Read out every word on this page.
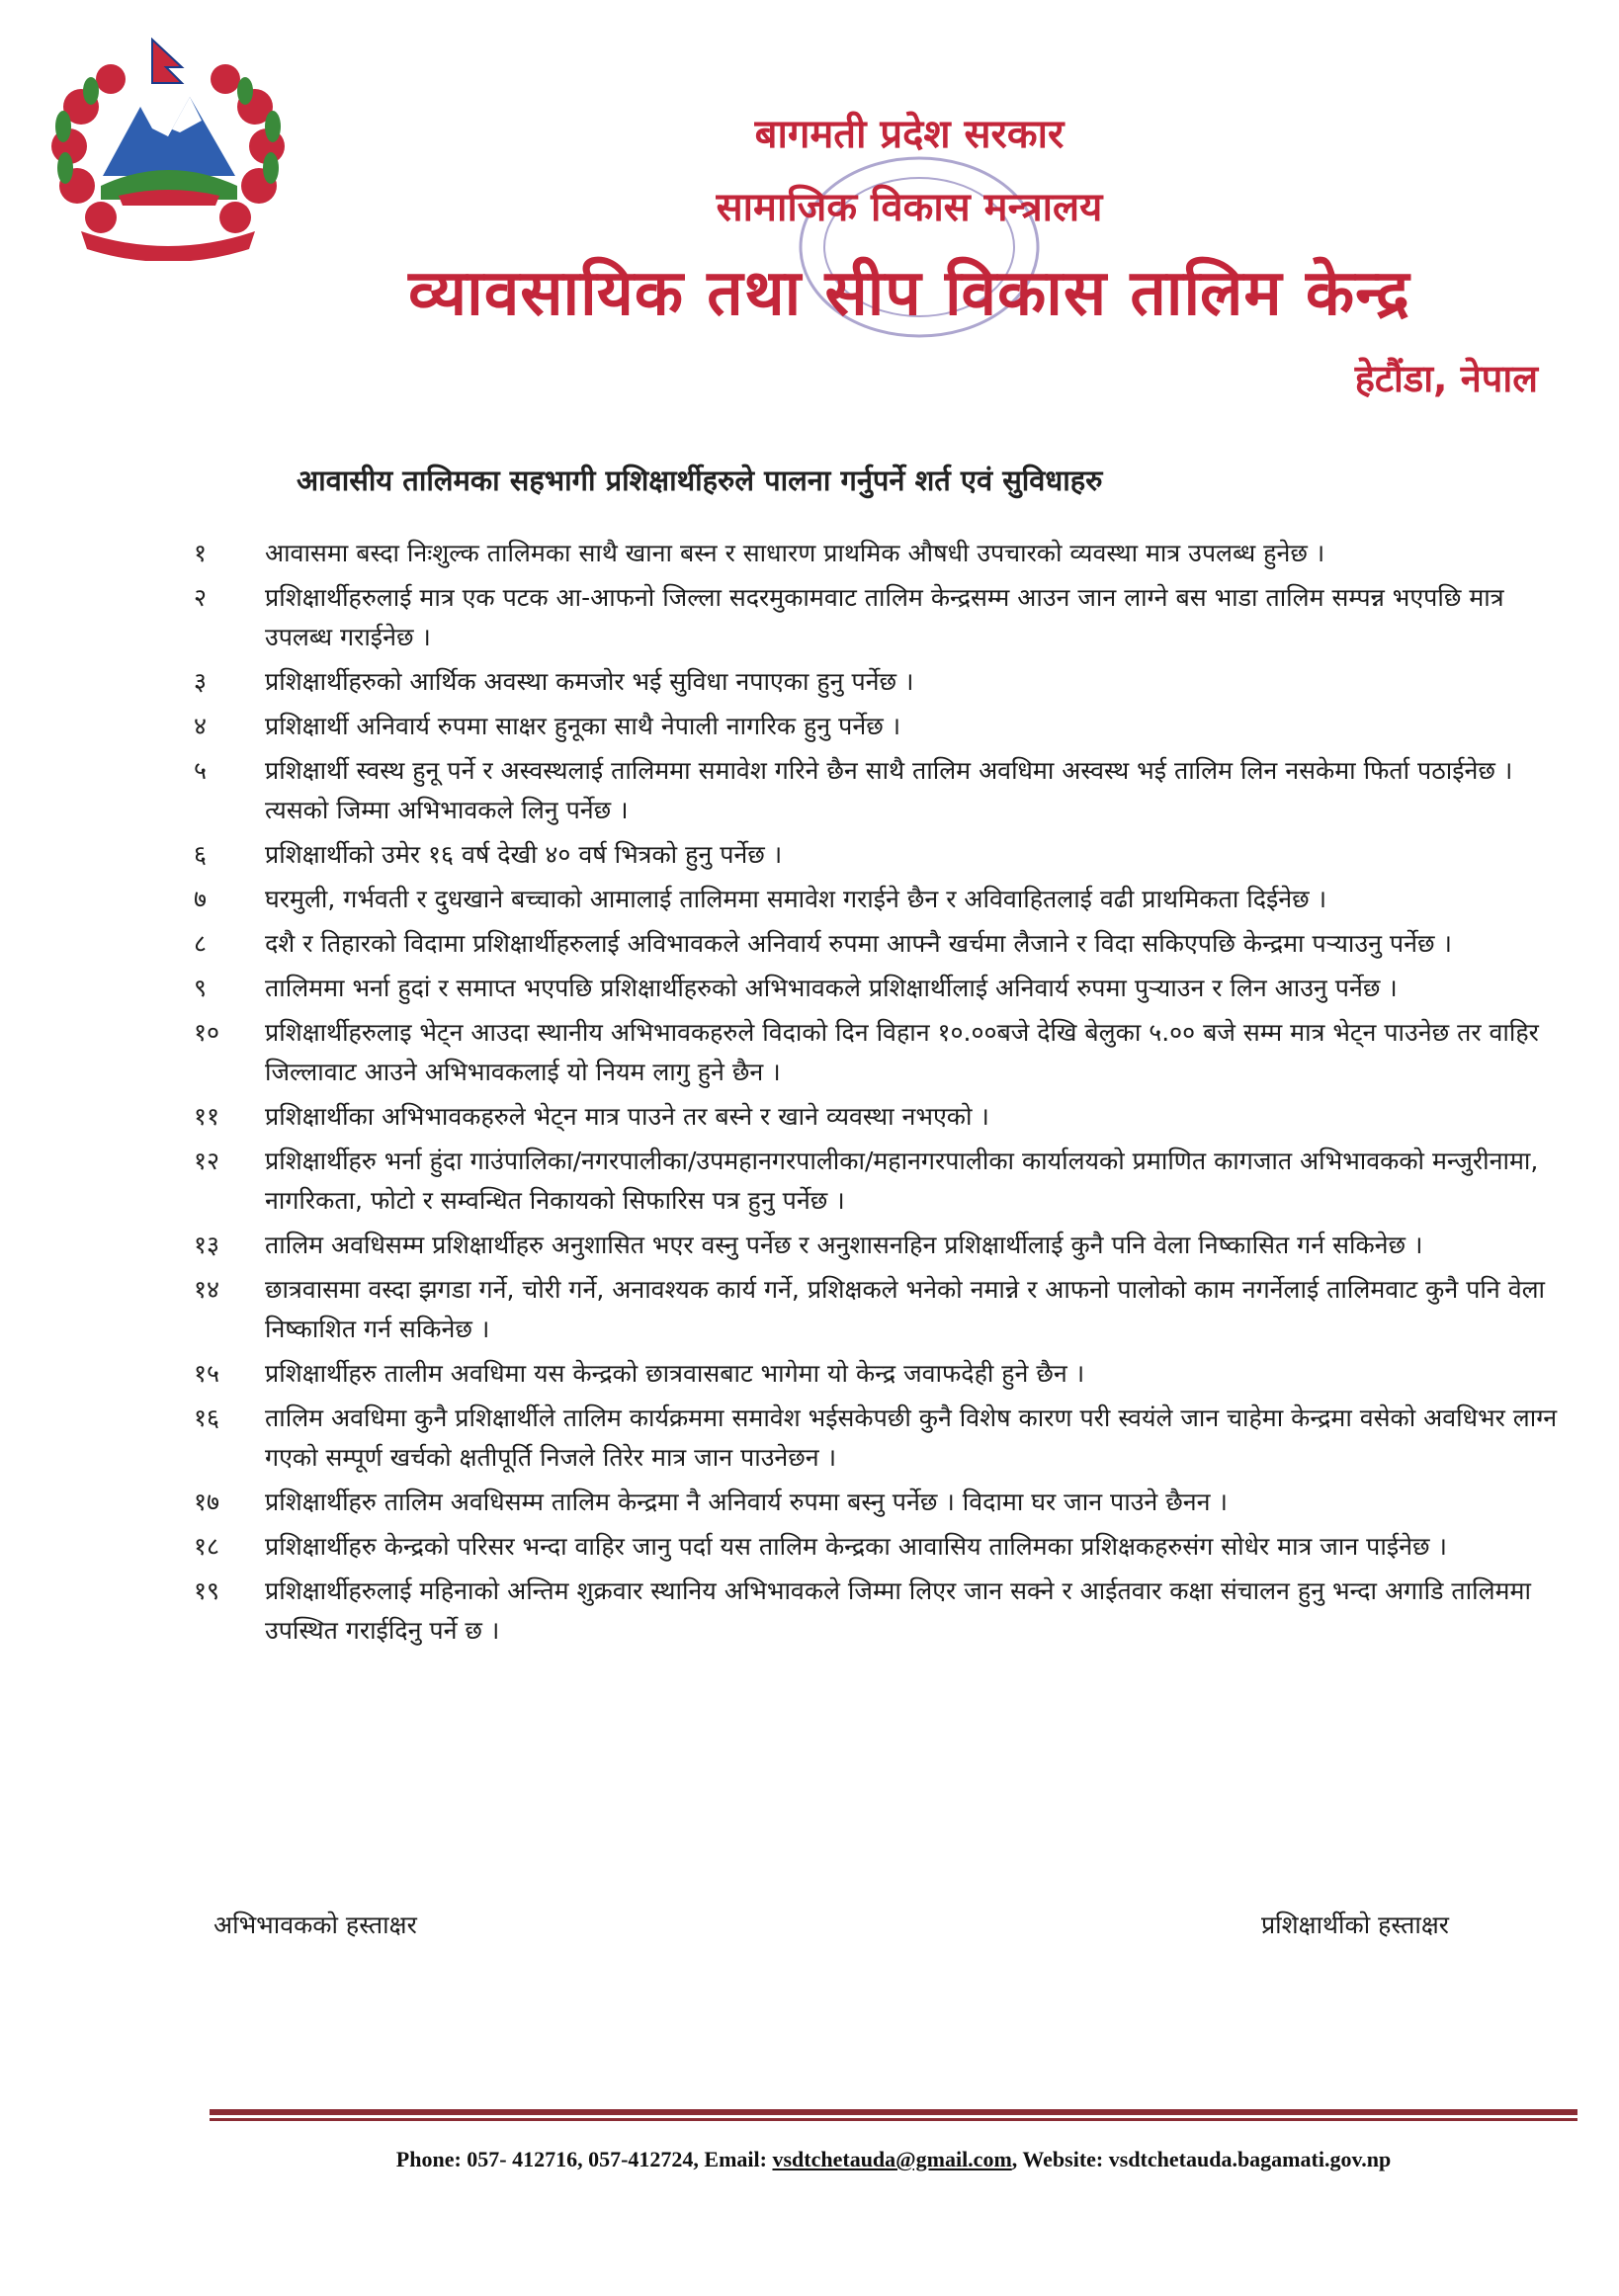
बागमती प्रदेश सरकार
सामाजिक विकास मन्त्रालय
व्यावसायिक तथा सीप विकास तालिम केन्द्र
हेटौंडा, नेपाल
आवासीय तालिमका सहभागी प्रशिक्षार्थीहरुले पालना गर्नुपर्ने शर्त एवं सुविधाहरु
१	आवासमा बस्दा निःशुल्क तालिमका साथै खाना बस्न र साधारण प्राथमिक औषधी उपचारको व्यवस्था मात्र उपलब्ध हुनेछ ।
२	प्रशिक्षार्थीहरुलाई मात्र एक पटक आ-आफनो जिल्ला सदरमुकामवाट तालिम केन्द्रसम्म आउन जान लाग्ने बस भाडा तालिम सम्पन्न भएपछि मात्र उपलब्ध गराईनेछ ।
३	प्रशिक्षार्थीहरुको आर्थिक अवस्था कमजोर भई सुविधा नपाएका हुनु पर्नेछ ।
४	प्रशिक्षार्थी अनिवार्य रुपमा साक्षर हुनूका साथै नेपाली नागरिक हुनु पर्नेछ ।
५	प्रशिक्षार्थी स्वस्थ हुनू पर्ने र अस्वस्थलाई तालिममा समावेश गरिने छैन साथै तालिम अवधिमा अस्वस्थ भई तालिम लिन नसकेमा फिर्ता पठाईनेछ । त्यसको जिम्मा अभिभावकले लिनु पर्नेछ ।
६	प्रशिक्षार्थीको उमेर १६ वर्ष देखी ४० वर्ष भित्रको हुनु पर्नेछ ।
७	घरमुली, गर्भवती र दुधखाने बच्चाको आमालाई तालिममा समावेश गराईने छैन र अविवाहितलाई वढी प्राथमिकता दिईनेछ ।
८	दशै र तिहारको विदामा प्रशिक्षार्थीहरुलाई अविभावकले अनिवार्य रुपमा आफ्नै खर्चमा लैजाने र विदा सकिएपछि केन्द्रमा पऱ्याउनु पर्नेछ ।
९	तालिममा भर्ना हुदां र समाप्त भएपछि प्रशिक्षार्थीहरुको अभिभावकले प्रशिक्षार्थीलाई अनिवार्य रुपमा पुऱ्याउन र लिन आउनु पर्नेछ ।
१०	प्रशिक्षार्थीहरुलाइ भेट्न आउदा स्थानीय अभिभावकहरुले विदाको दिन विहान १०.००बजे देखि बेलुका ५.०० बजे सम्म मात्र भेट्न पाउनेछ तर वाहिर जिल्लावाट आउने अभिभावकलाई यो नियम लागु हुने छैन ।
११	प्रशिक्षार्थीका अभिभावकहरुले भेट्न मात्र पाउने तर बस्ने र खाने व्यवस्था नभएको ।
१२	प्रशिक्षार्थीहरु भर्ना हुंदा गाउंपालिका/नगरपालीका/उपमहानगरपालीका/महानगरपालीका कार्यालयको प्रमाणित कागजात अभिभावकको मन्जुरीनामा, नागरिकता, फोटो र सम्वन्धित निकायको सिफारिस पत्र हुनु पर्नेछ ।
१३	तालिम अवधिसम्म प्रशिक्षार्थीहरु अनुशासित भएर वस्नु पर्नेछ र अनुशासनहिन प्रशिक्षार्थीलाई कुनै पनि वेला निष्कासित गर्न सकिनेछ ।
१४	छात्रवासमा वस्दा झगडा गर्ने, चोरी गर्ने, अनावश्यक कार्य गर्ने, प्रशिक्षकले भनेको नमान्ने र आफनो पालोको काम नगर्नेलाई तालिमवाट कुनै पनि वेला निष्काशित गर्न सकिनेछ ।
१५	प्रशिक्षार्थीहरु तालीम अवधिमा यस केन्द्रको छात्रवासबाट भागेमा यो केन्द्र जवाफदेही हुने छैन ।
१६	तालिम अवधिमा कुनै प्रशिक्षार्थीले तालिम कार्यक्रममा समावेश भईसकेपछी कुनै विशेष कारण परी स्वयंले जान चाहेमा केन्द्रमा वसेको अवधिभर लाग्न गएको सम्पूर्ण खर्चको क्षतीपूर्ति निजले तिरेर मात्र जान पाउनेछन ।
१७	प्रशिक्षार्थीहरु तालिम अवधिसम्म तालिम केन्द्रमा नै अनिवार्य रुपमा बस्नु पर्नेछ । विदामा घर जान पाउने छैनन ।
१८	प्रशिक्षार्थीहरु केन्द्रको परिसर भन्दा वाहिर जानु पर्दा यस तालिम केन्द्रका आवासिय तालिमका प्रशिक्षकहरुसंग सोधेर मात्र जान पाईनेछ ।
१९	प्रशिक्षार्थीहरुलाई महिनाको अन्तिम शुक्रवार स्थानिय अभिभावकले जिम्मा लिएर जान सक्ने र आईतवार कक्षा संचालन हुनु भन्दा अगाडि तालिममा उपस्थित गराईदिनु पर्ने छ ।
अभिभावकको हस्ताक्षर	प्रशिक्षार्थीको हस्ताक्षर
Phone: 057- 412716, 057-412724, Email: vsdtchetauda@gmail.com, Website: vsdtchetauda.bagamati.gov.np
